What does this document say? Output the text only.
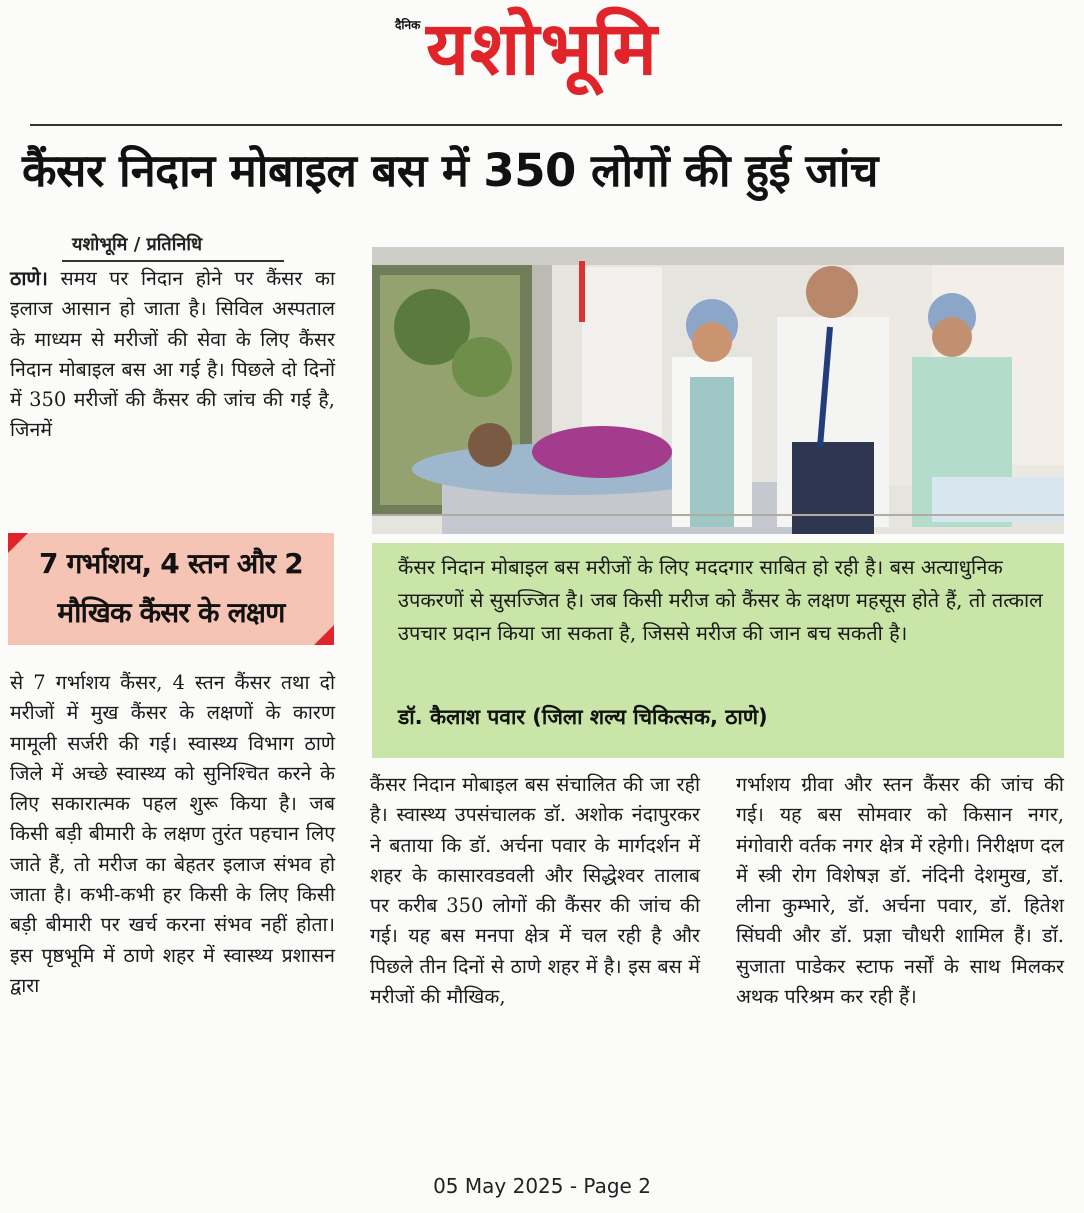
दैनिक यशोभूमि
कैंसर निदान मोबाइल बस में 350 लोगों की हुई जांच
यशोभूमि / प्रतिनिधि
ठाणे। समय पर निदान होने पर कैंसर का इलाज आसान हो जाता है। सिविल अस्पताल के माध्यम से मरीजों की सेवा के लिए कैंसर निदान मोबाइल बस आ गई है। पिछले दो दिनों में 350 मरीजों की कैंसर की जांच की गई है, जिनमें
7 गर्भाशय, 4 स्तन और 2
मौखिक कैंसर के लक्षण
से 7 गर्भाशय कैंसर, 4 स्तन कैंसर तथा दो मरीजों में मुख कैंसर के लक्षणों के कारण मामूली सर्जरी की गई। स्वास्थ्य विभाग ठाणे जिले में अच्छे स्वास्थ्य को सुनिश्चित करने के लिए सकारात्मक पहल शुरू किया है। जब किसी बड़ी बीमारी के लक्षण तुरंत पहचान लिए जाते हैं, तो मरीज का बेहतर इलाज संभव हो जाता है। कभी-कभी हर किसी के लिए किसी बड़ी बीमारी पर खर्च करना संभव नहीं होता। इस पृष्ठभूमि में ठाणे शहर में स्वास्थ्य प्रशासन द्वारा
कैंसर निदान मोबाइल बस मरीजों के लिए मददगार साबित हो रही है। बस अत्याधुनिक उपकरणों से सुसज्जित है। जब किसी मरीज को कैंसर के लक्षण महसूस होते हैं, तो तत्काल उपचार प्रदान किया जा सकता है, जिससे मरीज की जान बच सकती है।
डॉ. कैलाश पवार (जिला शल्य चिकित्सक, ठाणे)
कैंसर निदान मोबाइल बस संचालित की जा रही है। स्वास्थ्य उपसंचालक डॉ. अशोक नंदापुरकर ने बताया कि डॉ. अर्चना पवार के मार्गदर्शन में शहर के कासारवडवली और सिद्धेश्वर तालाब पर करीब 350 लोगों की कैंसर की जांच की गई। यह बस मनपा क्षेत्र में चल रही है और पिछले तीन दिनों से ठाणे शहर में है। इस बस में मरीजों की मौखिक,
गर्भाशय ग्रीवा और स्तन कैंसर की जांच की गई। यह बस सोमवार को किसान नगर, मंगोवारी वर्तक नगर क्षेत्र में रहेगी। निरीक्षण दल में स्त्री रोग विशेषज्ञ डॉ. नंदिनी देशमुख, डॉ. लीना कुम्भारे, डॉ. अर्चना पवार, डॉ. हितेश सिंघवी और डॉ. प्रज्ञा चौधरी शामिल हैं। डॉ. सुजाता पाडेकर स्टाफ नर्सों के साथ मिलकर अथक परिश्रम कर रही हैं।
05 May 2025 - Page 2
